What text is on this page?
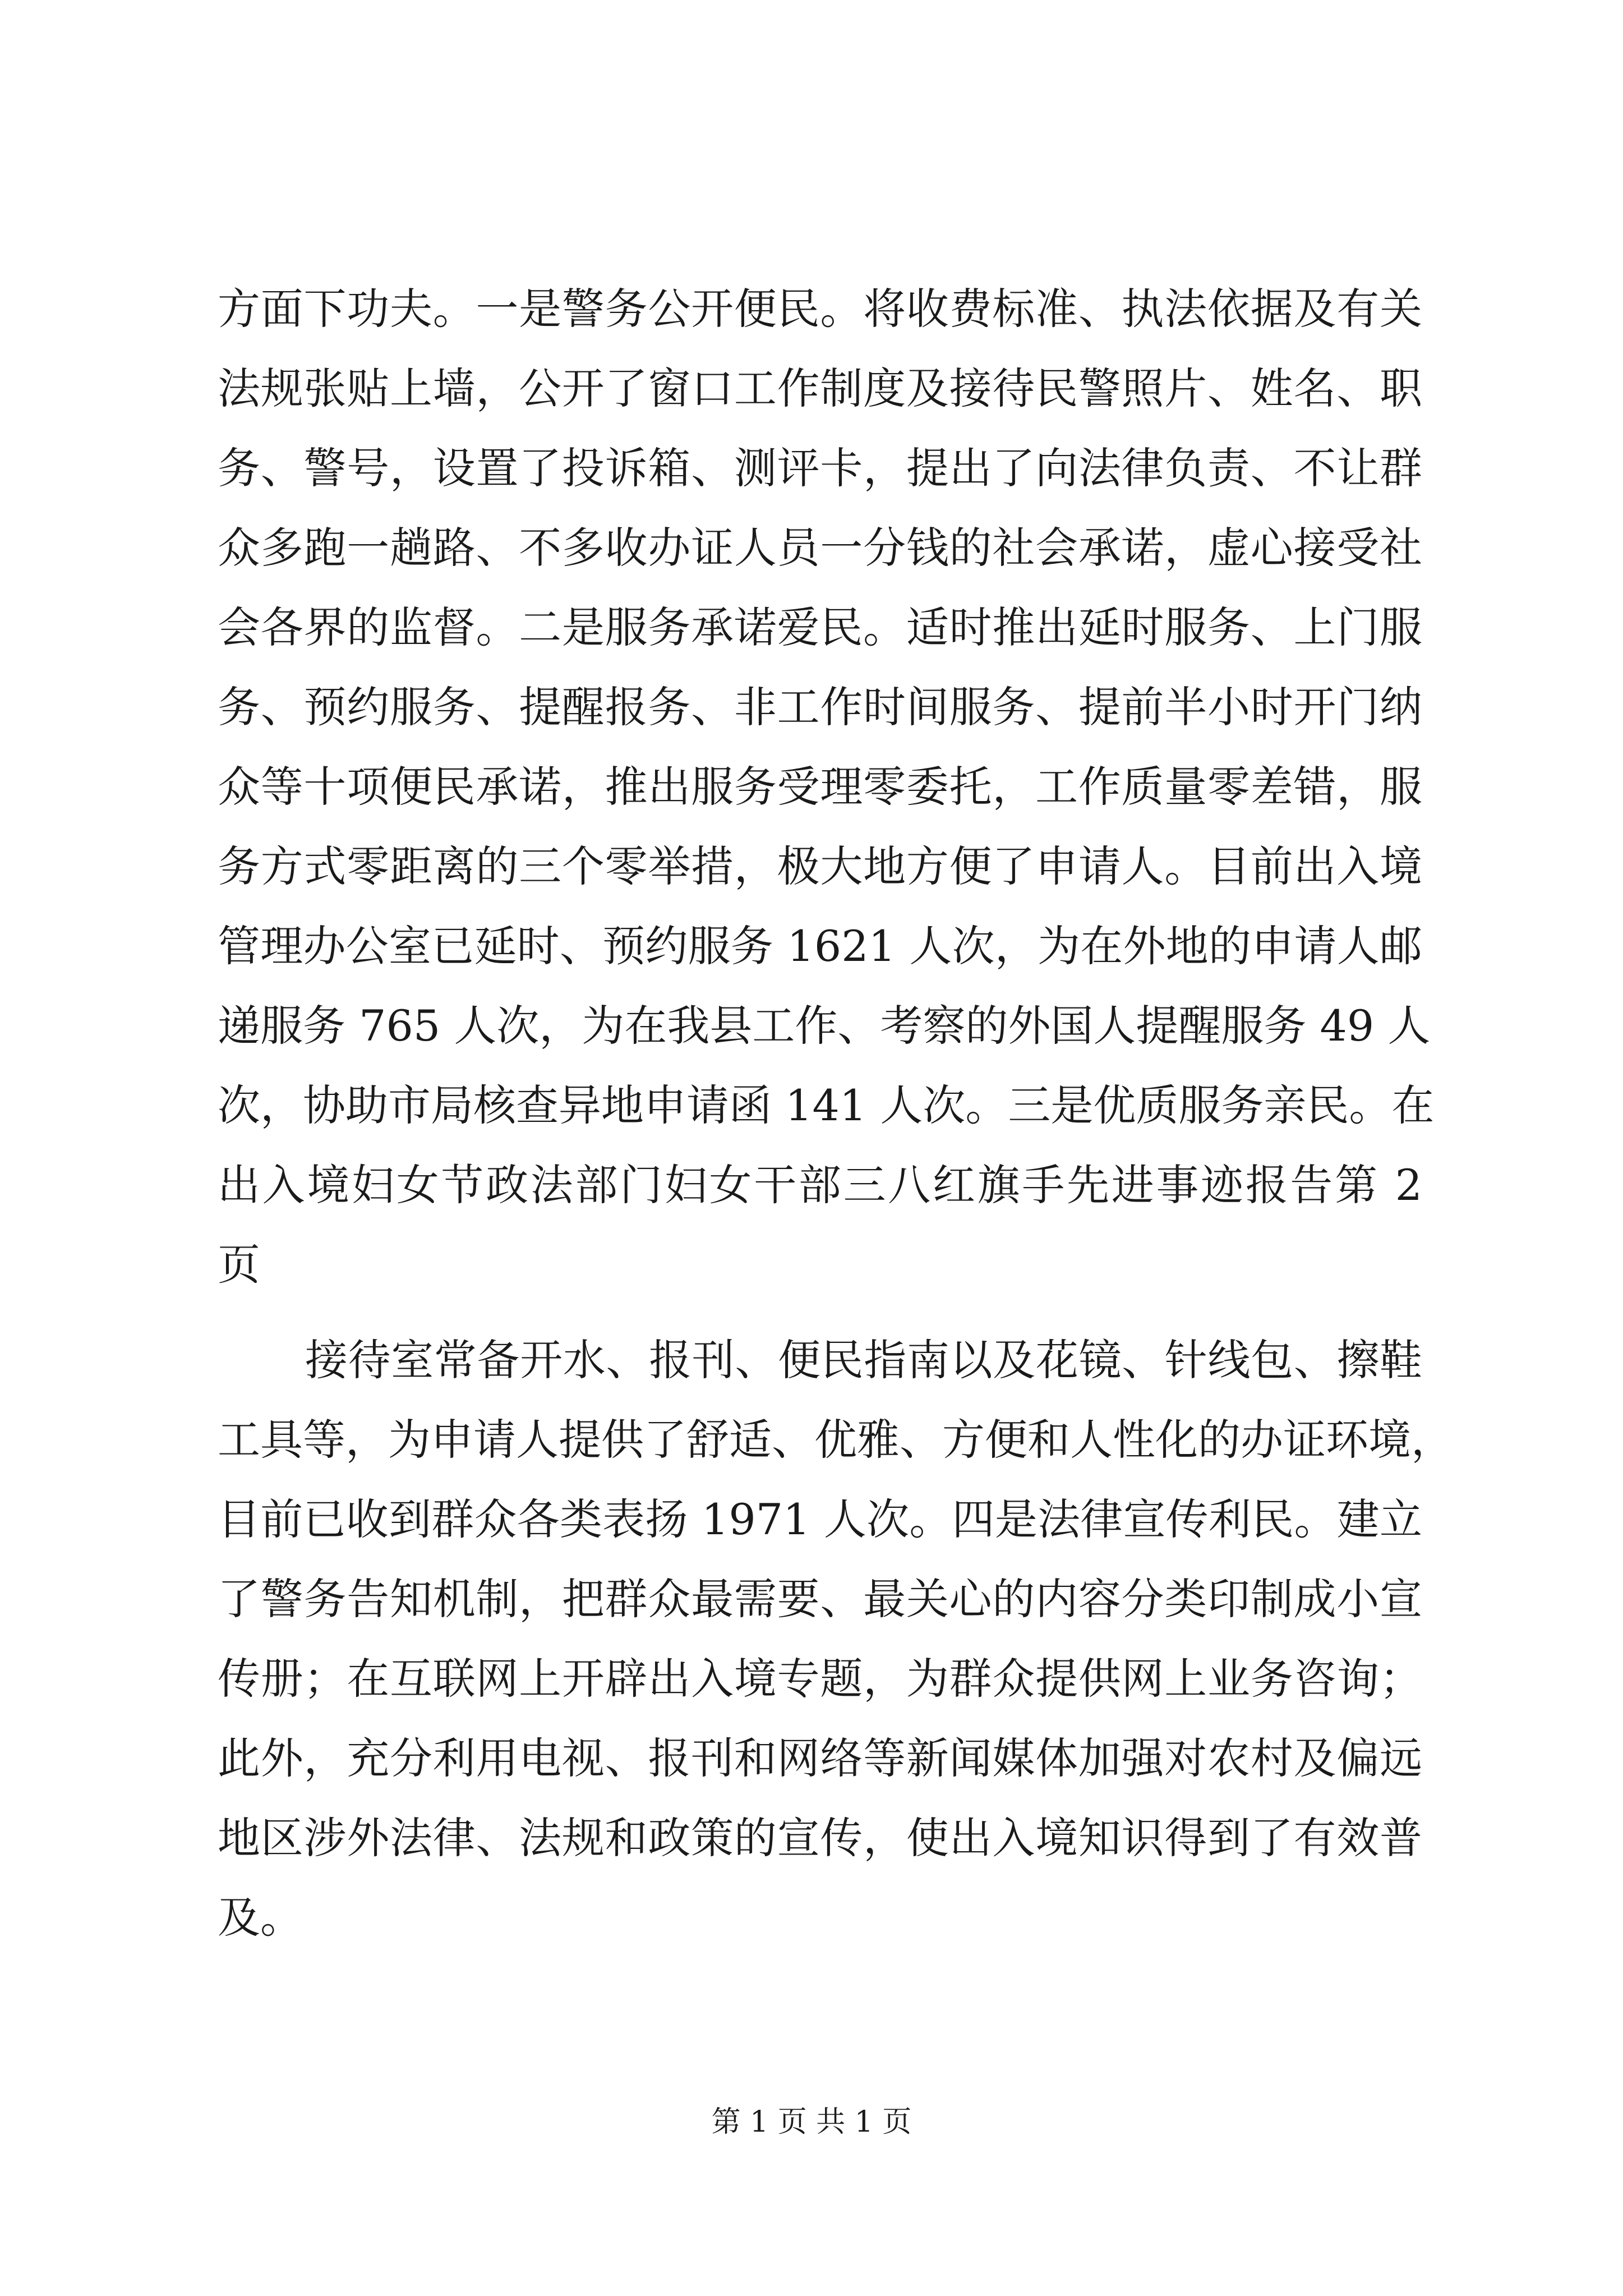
方面下功夫。一是警务公开便民。将收费标准、执法依据及有关
法规张贴上墙，公开了窗口工作制度及接待民警照片、姓名、职
务、警号，设置了投诉箱、测评卡，提出了向法律负责、不让群
众多跑一趟路、不多收办证人员一分钱的社会承诺，虚心接受社
会各界的监督。二是服务承诺爱民。适时推出延时服务、上门服
务、预约服务、提醒报务、非工作时间服务、提前半小时开门纳
众等十项便民承诺，推出服务受理零委托，工作质量零差错，服
务方式零距离的三个零举措，极大地方便了申请人。目前出入境
管理办公室已延时、预约服务 1621 人次，为在外地的申请人邮
递服务 765 人次，为在我县工作、考察的外国人提醒服务 49 人
次，协助市局核查异地申请函 141 人次。三是优质服务亲民。在
出入境妇女节政法部门妇女干部三八红旗手先进事迹报告第 2
页
接待室常备开水、报刊、便民指南以及花镜、针线包、擦鞋
工具等，为申请人提供了舒适、优雅、方便和人性化的办证环境，
目前已收到群众各类表扬 1971 人次。四是法律宣传利民。建立
了警务告知机制，把群众最需要、最关心的内容分类印制成小宣
传册；在互联网上开辟出入境专题，为群众提供网上业务咨询；
此外，充分利用电视、报刊和网络等新闻媒体加强对农村及偏远
地区涉外法律、法规和政策的宣传，使出入境知识得到了有效普
及。
第 1 页 共 1 页
